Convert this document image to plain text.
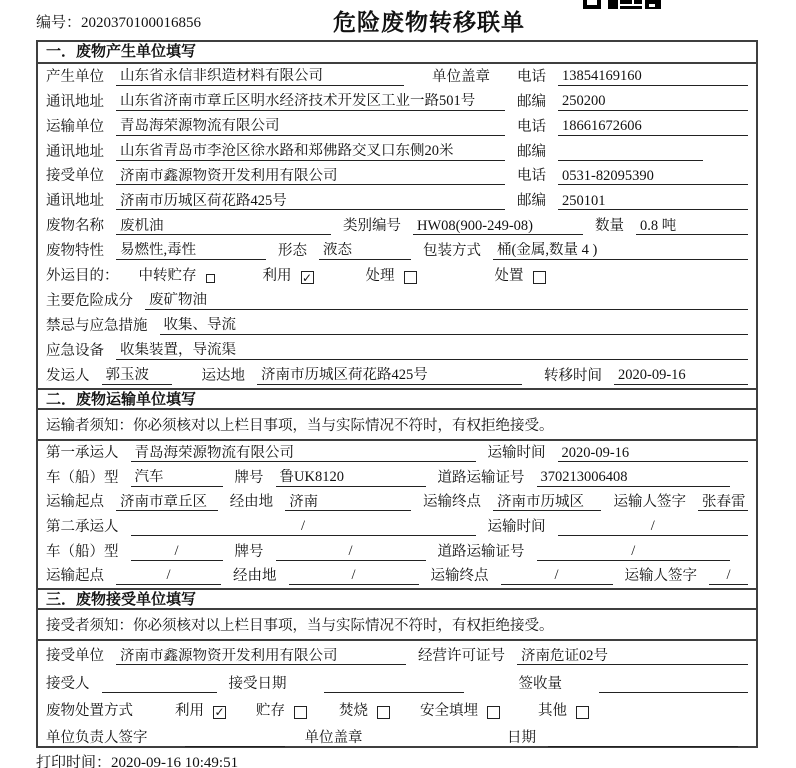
编号：2020370100016856	危险废物转移联单
一．废物产生单位填写
产生单位 山东省永信非织造材料有限公司	单位盖章 电话 13854169160
通讯地址 山东省济南市章丘区明水经济技术开发区工业一路501号	邮编 250200
运输单位 青岛海荣源物流有限公司	电话 18661672606
通讯地址 山东省青岛市李沧区徐水路和郑佛路交叉口东侧20米	邮编
接受单位 济南市鑫源物资开发利用有限公司	电话 0531-82095390
通讯地址 济南市历城区荷花路425号	邮编 250101
废物名称 废机油	类别编号 HW08(900-249-08)	数量 0.8 吨
废物特性 易燃性,毒性	形态 液态	包装方式 桶(金属,数量 4 )
外运目的： 中转贮存	利用 ✓	处理	处置
主要危险成分 废矿物油
禁忌与应急措施 收集、导流
应急设备 收集装置，导流渠
发运人 郭玉波	运达地 济南市历城区荷花路425号	转移时间 2020-09-16
二．废物运输单位填写
运输者须知：你必须核对以上栏目事项，当与实际情况不符时，有权拒绝接受。
第一承运人 青岛海荣源物流有限公司	运输时间 2020-09-16
车（船）型 汽车	牌号 鲁UK8120	道路运输证号 370213006408
运输起点 济南市章丘区	经由地 济南	运输终点 济南市历城区	运输人签字 张春雷
第二承运人	/	运输时间	/
车（船）型	/	牌号	/	道路运输证号	/
运输起点	/	经由地	/	运输终点	/	运输人签字	/
三．废物接受单位填写
接受者须知：你必须核对以上栏目事项，当与实际情况不符时，有权拒绝接受。
接受单位 济南市鑫源物资开发利用有限公司	经营许可证号 济南危证02号
接受人	接受日期	签收量
废物处置方式	利用 ✓ 贮存	焚烧	安全填埋	其他
单位负责人签字	单位盖章	日期
打印时间：2020-09-16 10:49:51
